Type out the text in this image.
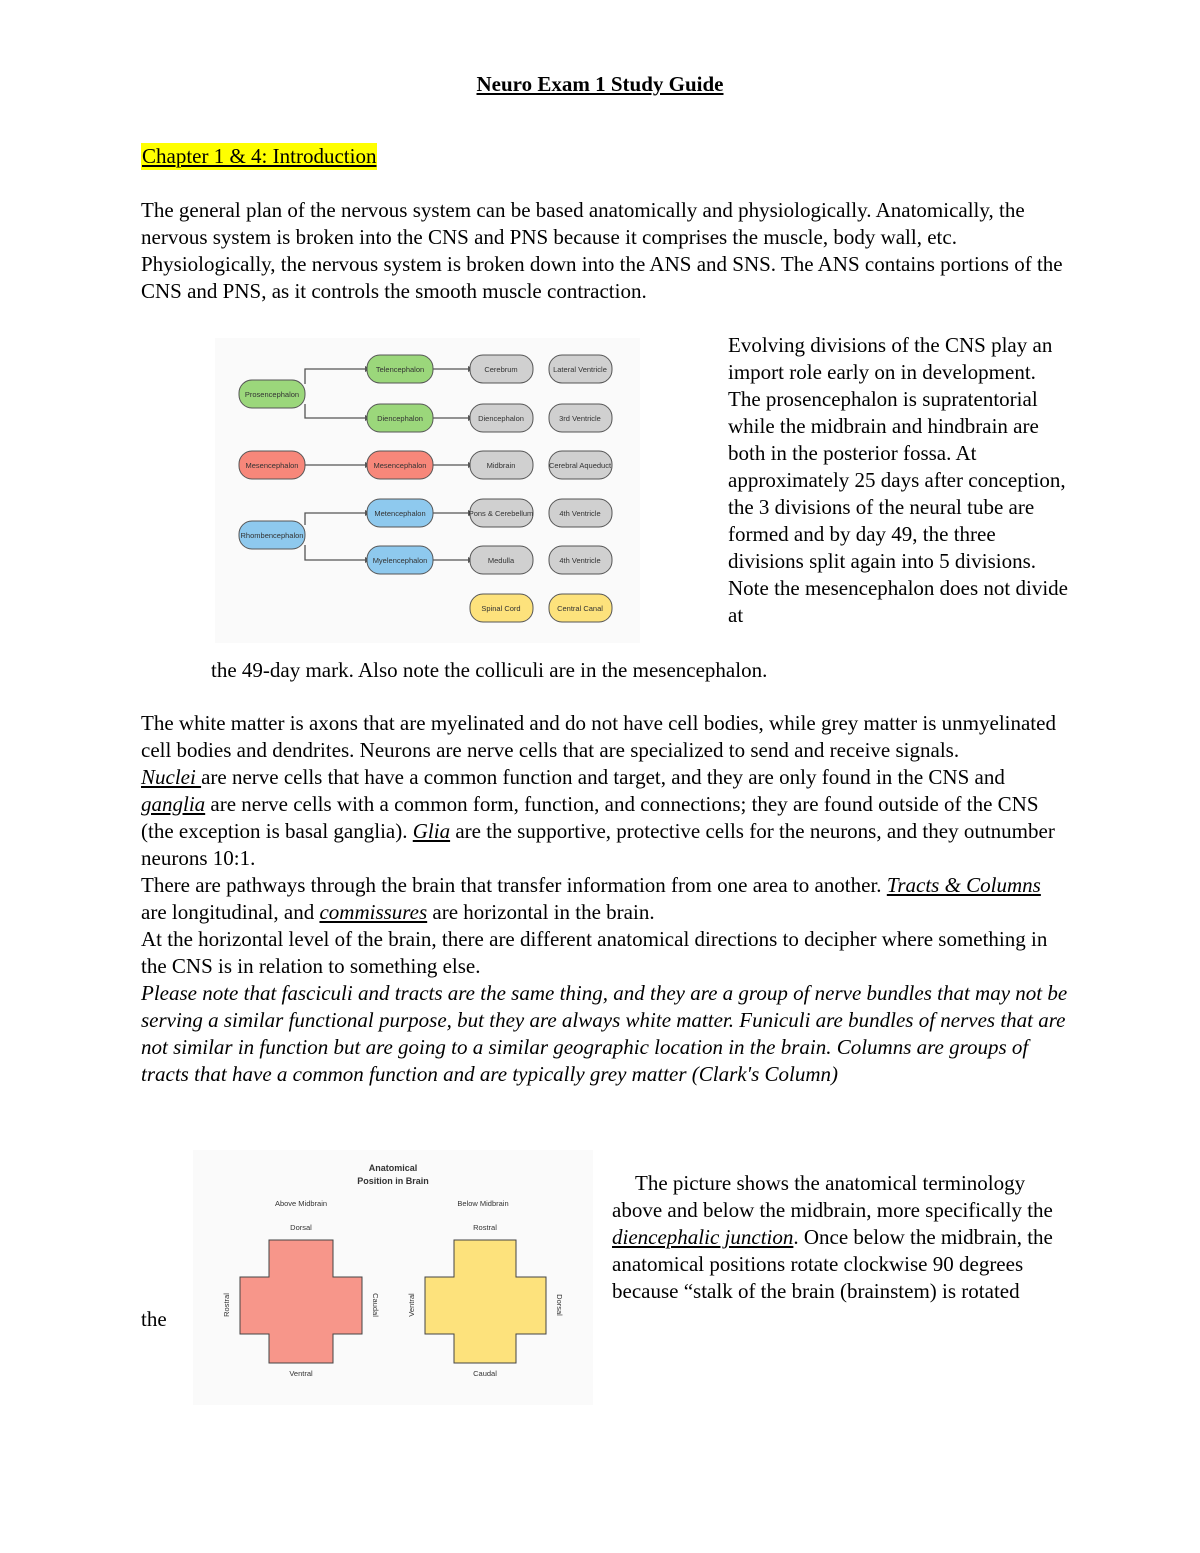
Neuro Exam 1 Study Guide
Chapter 1 & 4: Introduction
The general plan of the nervous system can be based anatomically and physiologically. Anatomically, the nervous system is broken into the CNS and PNS because it comprises the muscle, body wall, etc. Physiologically, the nervous system is broken down into the ANS and SNS. The ANS contains portions of the CNS and PNS, as it controls the smooth muscle contraction.
Prosencephalon
Mesencephalon
Rhombencephalon
Telencephalon
Diencephalon
Mesencephalon
Metencephalon
Myelencephalon
Cerebrum
Diencephalon
Midbrain
Pons & Cerebellum
Medulla
Spinal Cord
Lateral Ventricle
3rd Ventricle
Cerebral Aqueduct
4th Ventricle
4th Ventricle
Central Canal
Evolving divisions of the CNS play an import role early on in development. The prosencephalon is supratentorial while the midbrain and hindbrain are both in the posterior fossa. At approximately 25 days after conception, the 3 divisions of the neural tube are formed and by day 49, the three divisions split again into 5 divisions. Note the mesencephalon does not divide at
the 49-day mark. Also note the colliculi are in the mesencephalon.

The white matter is axons that are myelinated and do not have cell bodies, while grey matter is unmyelinated cell bodies and dendrites. Neurons are nerve cells that are specialized to send and receive signals.

Nuclei are nerve cells that have a common function and target, and they are only found in the CNS and ganglia are nerve cells with a common form, function, and connections; they are found outside of the CNS (the exception is basal ganglia). Glia are the supportive, protective cells for the neurons, and they outnumber neurons 10:1.

There are pathways through the brain that transfer information from one area to another. Tracts & Columns are longitudinal, and commissures are horizontal in the brain.

At the horizontal level of the brain, there are different anatomical directions to decipher where something in the CNS is in relation to something else.

Please note that fasciculi and tracts are the same thing, and they are a group of nerve bundles that may not be serving a similar functional purpose, but they are always white matter. Funiculi are bundles of nerves that are not similar in function but are going to a similar geographic location in the brain. Columns are groups of tracts that have a common function and are typically grey matter (Clark's Column)

Anatomical
Position in Brain
Above Midbrain	Below Midbrain
Dorsal
Ventral
Rostral	Caudal
Rostral
Caudal
Ventral	Dorsal
the
The picture shows the anatomical terminology above and below the midbrain, more specifically the diencephalic junction. Once below the midbrain, the anatomical positions rotate clockwise 90 degrees because “stalk of the brain (brainstem) is rotated
